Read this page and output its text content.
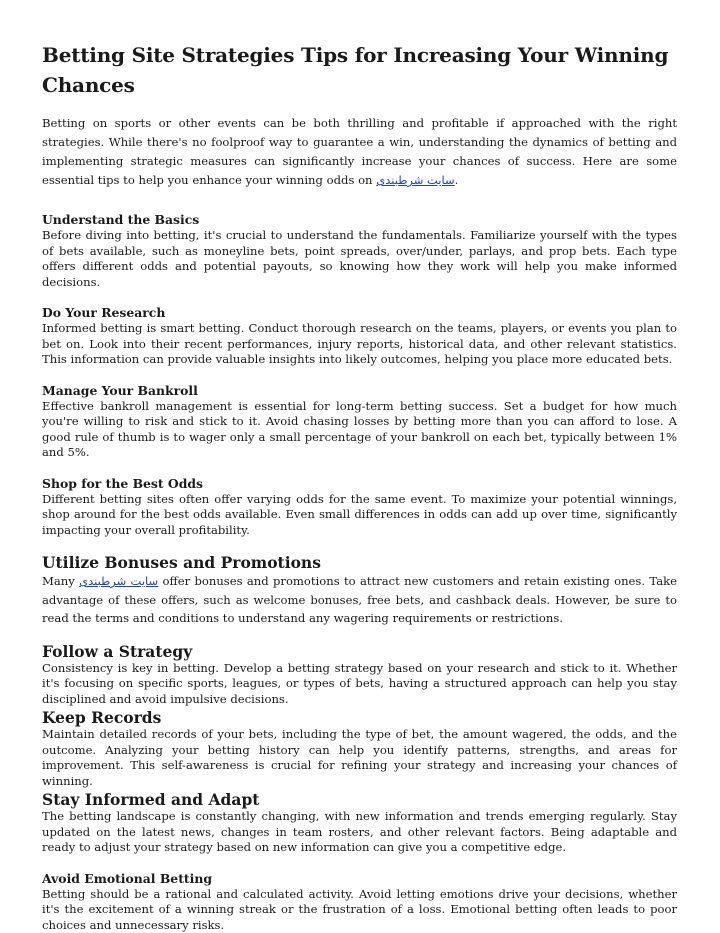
Betting Site Strategies Tips for Increasing Your Winning Chances

Betting on sports or other events can be both thrilling and profitable if approached with the right strategies. While there's no foolproof way to guarantee a win, understanding the dynamics of betting and implementing strategic measures can significantly increase your chances of success. Here are some essential tips to help you enhance your winning odds on سایت شرطبندی.

Understand the Basics

Before diving into betting, it's crucial to understand the fundamentals. Familiarize yourself with the types of bets available, such as moneyline bets, point spreads, over/under, parlays, and prop bets. Each type offers different odds and potential payouts, so knowing how they work will help you make informed decisions.

Do Your Research

Informed betting is smart betting. Conduct thorough research on the teams, players, or events you plan to bet on. Look into their recent performances, injury reports, historical data, and other relevant statistics. This information can provide valuable insights into likely outcomes, helping you place more educated bets.

Manage Your Bankroll

Effective bankroll management is essential for long-term betting success. Set a budget for how much you're willing to risk and stick to it. Avoid chasing losses by betting more than you can afford to lose. A good rule of thumb is to wager only a small percentage of your bankroll on each bet, typically between 1% and 5%.

Shop for the Best Odds

Different betting sites often offer varying odds for the same event. To maximize your potential winnings, shop around for the best odds available. Even small differences in odds can add up over time, significantly impacting your overall profitability.

Utilize Bonuses and Promotions

Many سایت شرطبندی offer bonuses and promotions to attract new customers and retain existing ones. Take advantage of these offers, such as welcome bonuses, free bets, and cashback deals. However, be sure to read the terms and conditions to understand any wagering requirements or restrictions.

Follow a Strategy

Consistency is key in betting. Develop a betting strategy based on your research and stick to it. Whether it's focusing on specific sports, leagues, or types of bets, having a structured approach can help you stay disciplined and avoid impulsive decisions.

Keep Records

Maintain detailed records of your bets, including the type of bet, the amount wagered, the odds, and the outcome. Analyzing your betting history can help you identify patterns, strengths, and areas for improvement. This self-awareness is crucial for refining your strategy and increasing your chances of winning.

Stay Informed and Adapt

The betting landscape is constantly changing, with new information and trends emerging regularly. Stay updated on the latest news, changes in team rosters, and other relevant factors. Being adaptable and ready to adjust your strategy based on new information can give you a competitive edge.

Avoid Emotional Betting

Betting should be a rational and calculated activity. Avoid letting emotions drive your decisions, whether it's the excitement of a winning streak or the frustration of a loss. Emotional betting often leads to poor choices and unnecessary risks.
